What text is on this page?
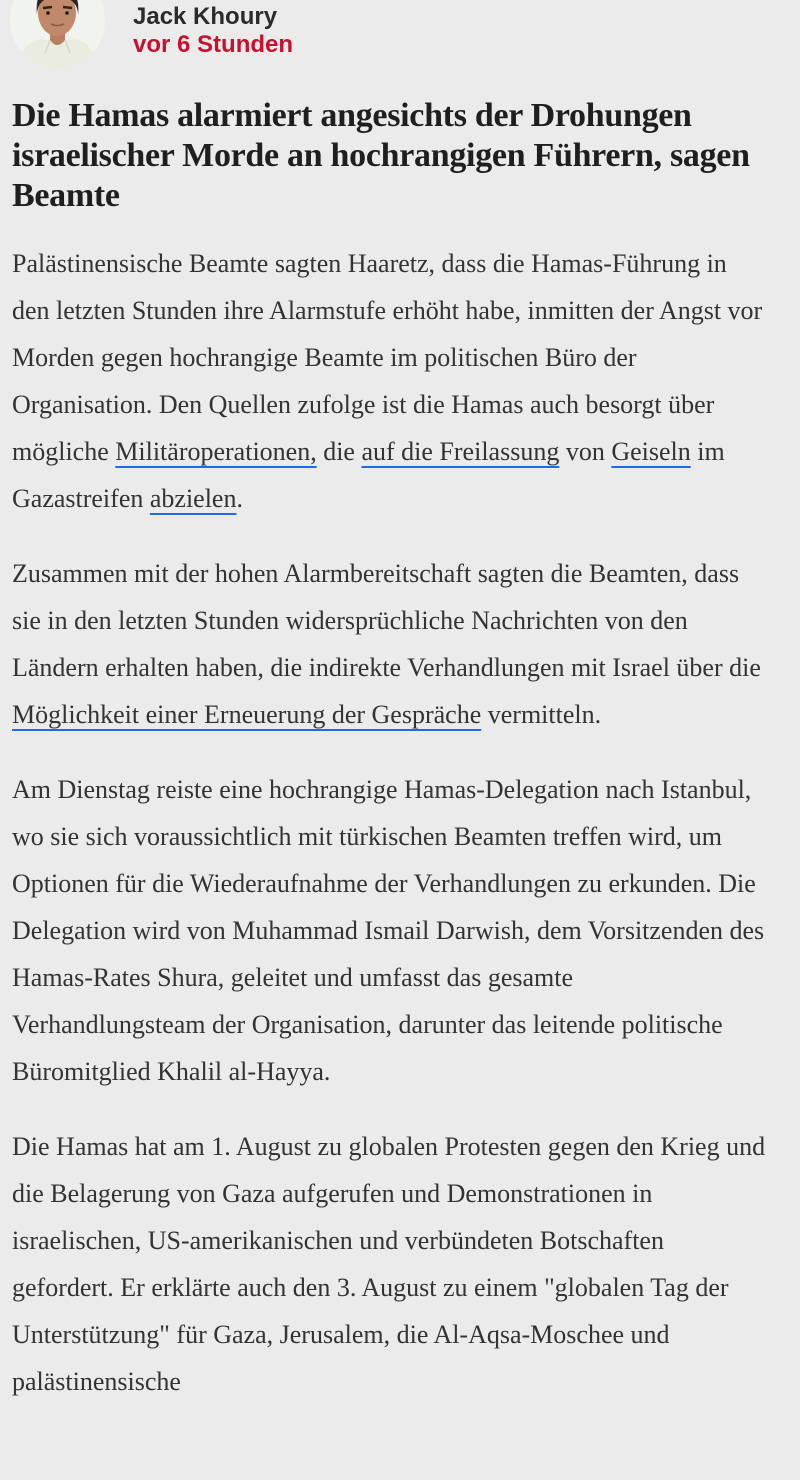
Jack Khoury
vor 6 Stunden
Die Hamas alarmiert angesichts der Drohungen israelischer Morde an hochrangigen Führern, sagen Beamte

Palästinensische Beamte sagten Haaretz, dass die Hamas-Führung in den letzten Stunden ihre Alarmstufe erhöht habe, inmitten der Angst vor Morden gegen hochrangige Beamte im politischen Büro der Organisation. Den Quellen zufolge ist die Hamas auch besorgt über mögliche Militäroperationen, die auf die Freilassung von Geiseln im Gazastreifen abzielen.

Zusammen mit der hohen Alarmbereitschaft sagten die Beamten, dass sie in den letzten Stunden widersprüchliche Nachrichten von den Ländern erhalten haben, die indirekte Verhandlungen mit Israel über die Möglichkeit einer Erneuerung der Gespräche vermitteln.

Am Dienstag reiste eine hochrangige Hamas-Delegation nach Istanbul, wo sie sich voraussichtlich mit türkischen Beamten treffen wird, um Optionen für die Wiederaufnahme der Verhandlungen zu erkunden. Die Delegation wird von Muhammad Ismail Darwish, dem Vorsitzenden des Hamas-Rates Shura, geleitet und umfasst das gesamte Verhandlungsteam der Organisation, darunter das leitende politische Büromitglied Khalil al-Hayya.

Die Hamas hat am 1. August zu globalen Protesten gegen den Krieg und die Belagerung von Gaza aufgerufen und Demonstrationen in israelischen, US-amerikanischen und verbündeten Botschaften gefordert. Er erklärte auch den 3. August zu einem "globalen Tag der Unterstützung" für Gaza, Jerusalem, die Al-Aqsa-Moschee und palästinensische
